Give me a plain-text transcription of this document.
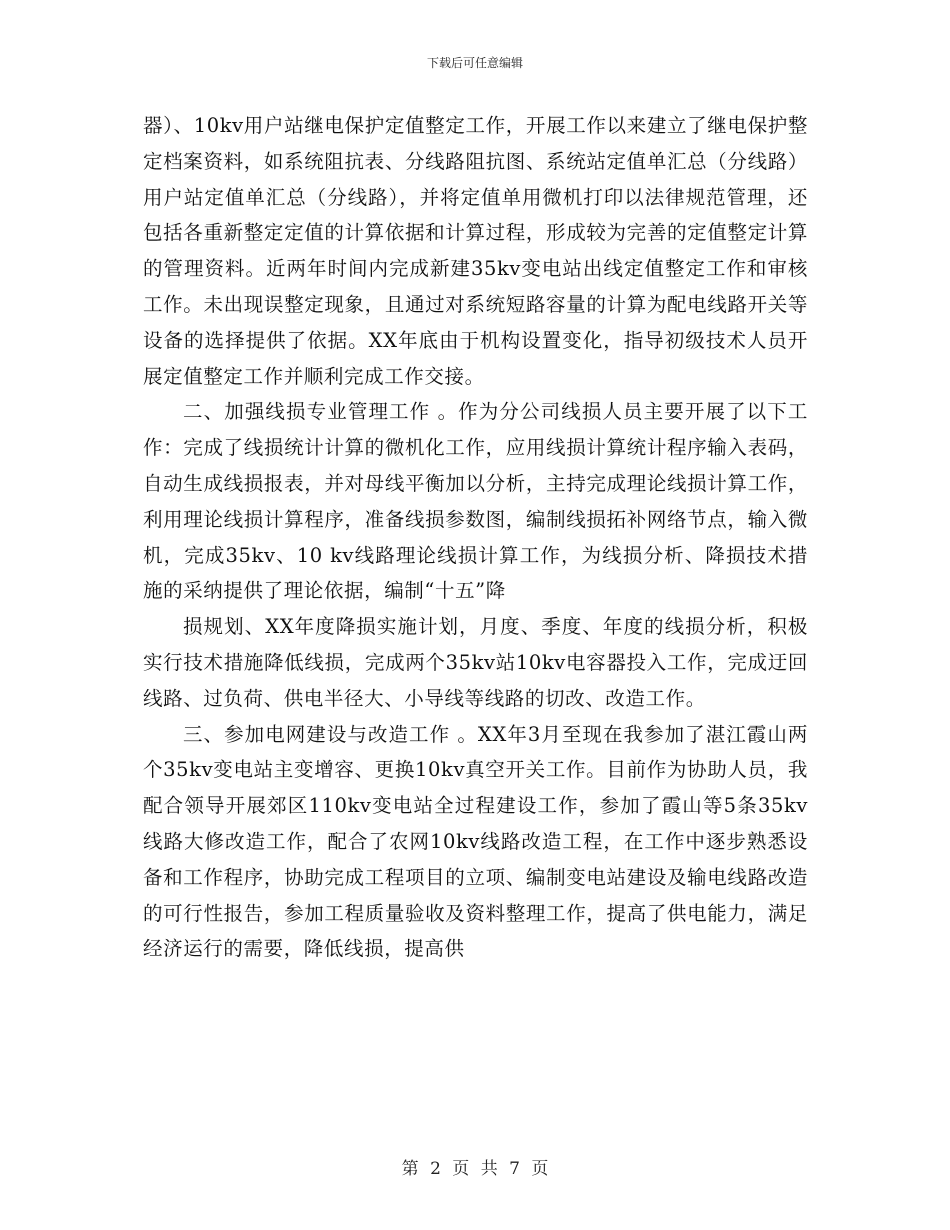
下载后可任意编辑

器）、10kv用户站继电保护定值整定工作，开展工作以来建立了继电保护整定档案资料，如系统阻抗表、分线路阻抗图、系统站定值单汇总（分线路）用户站定值单汇总（分线路），并将定值单用微机打印以法律规范管理，还包括各重新整定定值的计算依据和计算过程，形成较为完善的定值整定计算的管理资料。近两年时间内完成新建35kv变电站出线定值整定工作和审核工作。未出现误整定现象，且通过对系统短路容量的计算为配电线路开关等设备的选择提供了依据。XX年底由于机构设置变化，指导初级技术人员开展定值整定工作并顺利完成工作交接。

二、加强线损专业管理工作 。作为分公司线损人员主要开展了以下工作：完成了线损统计计算的微机化工作，应用线损计算统计程序输入表码，自动生成线损报表，并对母线平衡加以分析，主持完成理论线损计算工作，利用理论线损计算程序，准备线损参数图，编制线损拓补网络节点，输入微机，完成35kv、10 kv线路理论线损计算工作，为线损分析、降损技术措施的采纳提供了理论依据，编制“十五”降

损规划、XX年度降损实施计划，月度、季度、年度的线损分析，积极实行技术措施降低线损，完成两个35kv站10kv电容器投入工作，完成迂回线路、过负荷、供电半径大、小导线等线路的切改、改造工作。

三、参加电网建设与改造工作 。XX年3月至现在我参加了湛江霞山两个35kv变电站主变增容、更换10kv真空开关工作。目前作为协助人员，我配合领导开展郊区110kv变电站全过程建设工作，参加了霞山等5条35kv线路大修改造工作，配合了农网10kv线路改造工程，在工作中逐步熟悉设备和工作程序，协助完成工程项目的立项、编制变电站建设及输电线路改造的可行性报告，参加工程质量验收及资料整理工作，提高了供电能力，满足经济运行的需要，降低线损，提高供

第 2 页 共 7 页
